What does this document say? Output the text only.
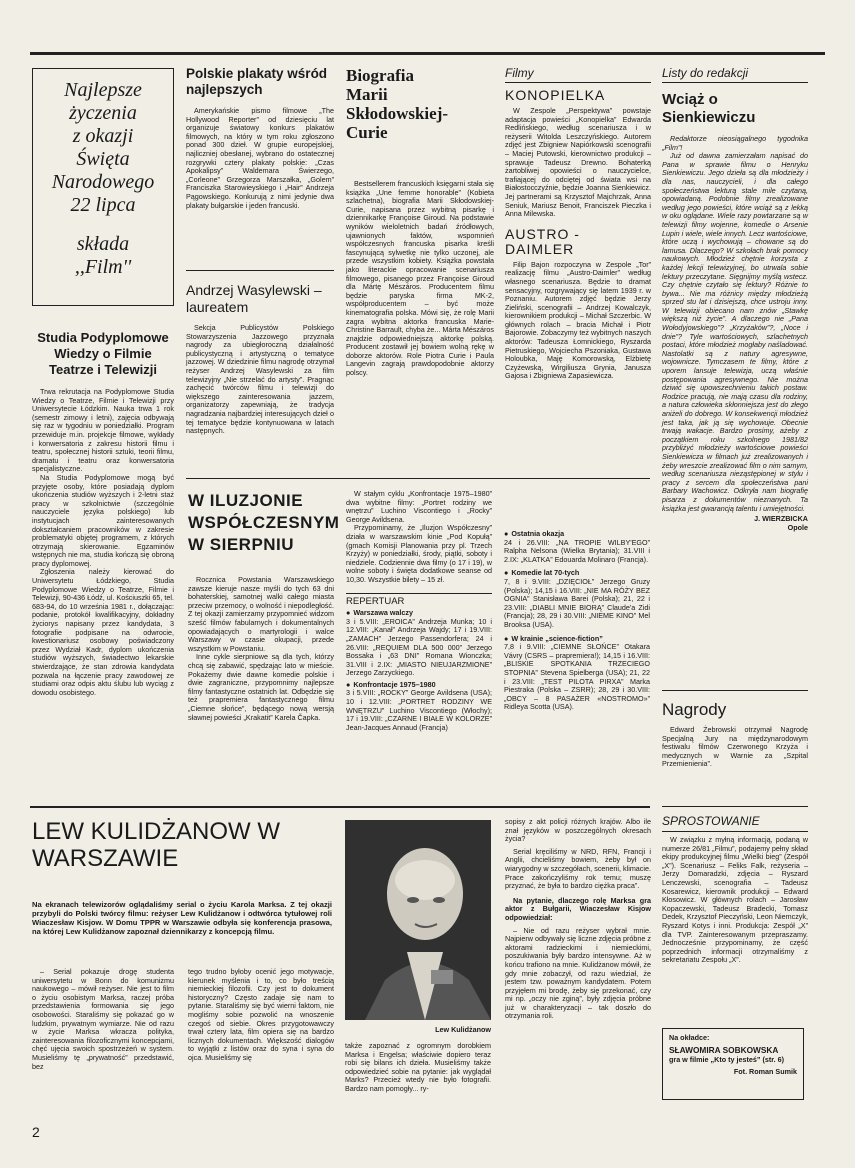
Najlepsze
życzenia
z okazji
Święta
Narodowego
22 lipca
składa
,,Film''
Studia Podyplomowe Wiedzy o Filmie Teatrze i Telewizji

Trwa rekrutacja na Podyplomowe Studia Wiedzy o Teatrze, Filmie i Telewizji przy Uniwersytecie Łódzkim. Nauka trwa 1 rok (semestr zimowy i letni), zajęcia odbywają się raz w tygodniu w poniedziałki. Program przewiduje m.in. projekcje filmowe, wykłady i konwersatoria z zakresu historii filmu i teatru, społecznej historii sztuki, teorii filmu, dramatu i teatru oraz konwersatoria specjalistyczne.

Na Studia Podyplomowe mogą być przyjęte osoby, które posiadają dyplom ukończenia studiów wyższych i 2-letni staż pracy w szkolnictwie (szczególnie nauczyciele języka polskiego) lub instytucjach zainteresowanych dokształcaniem pracowników w zakresie problematyki objętej programem, z których otrzymają skierowanie. Egzaminów wstępnych nie ma, studia kończą się obroną pracy dyplomowej.

Zgłoszenia należy kierować do Uniwersytetu Łódzkiego, Studia Podyplomowe Wiedzy o Teatrze, Filmie i Telewizji, 90-436 Łódź, ul. Kościuszki 65, tel. 683-94, do 10 września 1981 r., dołączając: podanie, protokół kwalifikacyjny, dokładny życiorys napisany przez kandydata, 3 fotografie podpisane na odwrocie, kwestionariusz osobowy poświadczony przez Wydział Kadr, dyplom ukończenia studiów wyższych, świadectwo lekarskie stwierdzające, że stan zdrowia kandydata pozwala na łączenie pracy zawodowej ze studiami oraz odpis aktu ślubu lub wyciąg z dowodu osobistego.

Polskie plakaty wśród najlepszych
Amerykańskie pismo filmowe „The Hollywood Reporter” od dziesięciu lat organizuje światowy konkurs plakatów filmowych, na który w tym roku zgłoszono ponad 300 dzieł. W grupie europejskiej, najliczniej obesłanej, wybrano do ostatecznej rozgrywki cztery plakaty polskie: „Czas Apokalipsy” Waldemara Świerzego, „Corleone” Grzegorza Marszałka, „Golem” Franciszka Starowieyskiego i „Hair” Andrzeja Pągowskiego. Konkurują z nimi jedynie dwa plakaty bułgarskie i jeden francuski.
Andrzej Wasylewski – laureatem
Sekcja Publicystów Polskiego Stowarzyszenia Jazzowego przyznała nagrody za ubiegłoroczną działalność publicystyczną i artystyczną o tematyce jazzowej. W dziedzinie filmu nagrodę otrzymał reżyser Andrzej Wasylewski za film telewizyjny „Nie strzelać do artysty”. Pragnąc zachęcić twórców filmu i telewizji do większego zainteresowania jazzem, organizatorzy zapewniają, że tradycja nagradzania najbardziej interesujących dzieł o tej tematyce będzie kontynuowana w latach następnych.
Biografia Marii Skłodowskiej-Curie
Bestsellerem francuskich księgarni stała się książka „Une femme honorable” (Kobieta szlachetna), biografia Marii Skłodowskiej-Curie, napisana przez wybitną pisarkę i dziennikarkę Françoise Giroud. Na podstawie wyników wieloletnich badań źródłowych, ujawnionych faktów, wspomnień współczesnych francuska pisarka kreśli fascynującą sylwetkę nie tylko uczonej, ale przede wszystkim kobiety. Książka powstała jako literackie opracowanie scenariusza filmowego, pisanego przez Françoise Giroud dla Mártę Mészáros. Producentem filmu będzie paryska firma MK-2, współproducentem – być może kinematografia polska. Mówi się, że rolę Marii zagra wybitna aktorka francuska Marie-Christine Barrault, chyba że... Márta Mészáros znajdzie odpowiedniejszą aktorkę polską. Producent zostawił jej bowiem wolną rękę w doborze aktorów. Role Piotra Curie i Paula Langevin zagrają prawdopodobnie aktorzy polscy.
Filmy
KONOPIELKA
W Zespole „Perspektywa” powstaje adaptacja powieści „Konopielka” Edwarda Redlińskiego, według scenariusza i w reżyserii Witolda Leszczyńskiego. Autorem zdjęć jest Zbigniew Napiórkowski scenografii – Maciej Putowski, kierownictwo produkcji – sprawuje Tadeusz Drewno. Bohaterką żartobliwej opowieści o nauczycielce, trafiającej do odciętej od świata wsi na Białostocczyźnie, będzie Joanna Sienkiewicz. Jej partnerami są Krzysztof Majchrzak, Anna Seniuk, Mariusz Benoit, Franciszek Pieczka i Anna Milewska.
AUSTRO -DAIMLER
Filip Bajon rozpoczyna w Zespole „Tor” realizację filmu „Austro-Daimler” według własnego scenariusza. Będzie to dramat sensacyjny, rozgrywający się latem 1939 r. w Poznaniu. Autorem zdjęć będzie Jerzy Zieliński, scenografii – Andrzej Kowalczyk, kierownikiem produkcji – Michał Szczerbic. W głównych rolach – bracia Michał i Piotr Bajorowie. Zobaczymy też wybitnych naszych aktorów: Tadeusza Łomnickiego, Ryszarda Pietruskiego, Wojciecha Pszoniaka, Gustawa Holoubka, Maję Komorowską, Elżbietę Czyżewską, Wirgiliusza Grynia, Janusza Gajosa i Zbigniewa Zapasiewicza.
Listy do redakcji
Wciąż o Sienkiewiczu
Redaktorze nieosiągalnego tygodnika „Film”!
Już od dawna zamierzałam napisać do Pana w sprawie filmu o Henryku Sienkiewiczu. Jego dzieła są dla młodzieży i dla nas, nauczycieli, i dla całego społeczeństwa lekturą stale mile czytaną, opowiadaną. Podobnie filmy zrealizowane według jego powieści, które wciąż są z lekką w oku oglądane. Wiele razy powtarzane są w telewizji filmy wojenne, komedie o Arsenie Lupin i wiele, wiele innych. Lecz wartościowe, które uczą i wychowują – chowane są do lamusa. Dlaczego? W szkołach brak pomocy naukowych. Młodzież chętnie korzysta z każdej lekcji telewizyjnej, bo utrwala sobie lektury przeczytane. Sięgnijmy myślą wstecz. Czy chętnie czytało się lektury? Różnie to bywa... Nie ma różnicy między młodzieżą sprzed stu lat i dzisiejszą, chce ustroju inny. W telewizji obiecano nam znów „Stawkę większą niż życie”. A dlaczego nie „Pana Wołodyjowskiego”? „Krzyżaków”?, „Noce i dnie”? Tyle wartościowych, szlachetnych postaci, które młodzież mogłaby naśladować. Nastolatki są z natury agresywne, wojownicze. Tymczasem te filmy, które z uporem lansuje telewizja, uczą właśnie postępowania agresywnego. Nie można dziwić się upowszechnieniu takich postaw. Rodzice pracują, nie mają czasu dla rodziny, a natura człowieka skłonniejsza jest do złego aniżeli do dobrego. W konsekwencji młodzież jest taka, jak ją się wychowuje. Obecnie trwają wakacje. Bardzo prosimy, ażeby z początkiem roku szkolnego 1981/82 przybliżyć młodzieży wartościowe powieści Sienkiewicza w filmach już zrealizowanych i żeby wreszcie zrealizować film o nim samym, według scenariusza nieząstępionej w stylu i pracy z sercem dla społeczeństwa pani Barbary Wachowicz. Odkryła nam biografię pisarza z dokumentów nieznanych. Ta książka jest gwarancją talentu i umiejętności.
J. WIERZBICKA
Opole
Nagrody
Edward Żebrowski otrzymał Nagrodę Specjalną Jury na międzynarodowym festiwalu filmów Czerwonego Krzyża i medycznych w Warnie za „Szpital Przemienienia”.
W ILUZJONIE WSPÓŁCZESNYM W SIERPNIU

Rocznica Powstania Warszawskiego zawsze kieruje nasze myśli do tych 63 dni bohaterskiej, samotnej walki całego miasta przeciw przemocy, o wolność i niepodległość. Z tej okazji zamierzamy przypomnieć widzom sześć filmów fabularnych i dokumentalnych opowiadających o martyrologii i walce Warszawy w czasie okupacji, przede wszystkim w Powstaniu.

Inne cykle sierpniowe są dla tych, którzy chcą się zabawić, spędzając lato w mieście. Pokażemy dwie dawne komedie polskie i dwie zagraniczne, przypomnimy najlepsze filmy fantastyczne ostatnich lat. Odbędzie się też prapremiera fantastycznego filmu „Ciemne słońce”, będącego nową wersją sławnej powieści „Krakatit” Karela Čapka.

W stałym cyklu „Konfrontacje 1975–1980” dwa wybitne filmy: „Portret rodziny we wnętrzu” Luchino Viscontiego i „Rocky” George Avildsena.

Przypominamy, że „Iluzjon Współczesny” działa w warszawskim kinie „Pod Kopułą” (gmach Komisji Planowania przy pl. Trzech Krzyży) w poniedziałki, środy, piątki, soboty i niedziele. Codziennie dwa filmy (o 17 i 19), w wolne soboty i święta dodatkowe seanse od 10,30. Wszystkie bilety – 15 zł.

REPERTUAR

● Warszawa walczy

3 i 5.VIII: „EROICA” Andrzeja Munka; 10 i 12.VIII: „Kanał” Andrzeja Wajdy; 17 i 19.VIII: „ZAMACH” Jerzego Passendorfera; 24 i 26.VIII: „REQUIEM DLA 500 000” Jerzego Bossaka i „63 DNI” Romana Wionczka; 31.VIII i 2.IX: „MIASTO NIEUJARZMIONE” Jerzego Zarzyckiego.

● Konfrontacje 1975–1980

3 i 5.VIII: „ROCKY” George Avildsena (USA); 10 i 12.VIII: „PORTRET RODZINY WE WNĘTRZU” Luchino Viscontiego (Włochy); 17 i 19.VIII: „CZARNE I BIAŁE W KOLORZE” Jean-Jacques Annaud (Francja)

● Ostatnia okazja

24 i 26.VIII: „NA TROPIE WILBY'EGO” Ralpha Nelsona (Wielka Brytania); 31.VIII i 2.IX: „KLATKA” Edouarda Molinaro (Francja).

● Komedie lat 70-tych

7, 8 i 9.VIII: „DZIĘCIOŁ” Jerzego Gruzy (Polska); 14,15 i 16.VIII: „NIE MA RÓŻY BEZ OGNIA” Stanisława Barei (Polska); 21, 22 i 23.VIII: „DIABLI MNIE BIORĄ” Claude'a Zidi (Francja); 28, 29 i 30.VIII: „NIEME KINO” Mel Brooksa (USA).

● W krainie „science-fiction”

7,8 i 9.VIII: „CIEMNE SŁOŃCE” Otakara Vávry (CSRS – prapremiera!); 14,15 i 16.VIII: „BLISKIE SPOTKANIA TRZECIEGO STOPNIA” Stevena Spielberga (USA); 21, 22 i 23.VIII: „TEST PILOTA PIRXA” Marka Piestraka (Polska – ZSRR); 28, 29 i 30.VIII: „OBCY – 8 PASAŻER «NOSTROMO»” Ridleya Scotta (USA).

LEW KULIDŻANOW W WARSZAWIE
Na ekranach telewizorów oglądaliśmy serial o życiu Karola Marksa. Z tej okazji przybyli do Polski twórcy filmu: reżyser Lew Kulidżanow i odtwórca tytułowej roli Wiaczesław Kisjow. W Domu TPPR w Warszawie odbyła się konferencja prasowa, na której Lew Kulidżanow zapoznał dziennikarzy z koncepcją filmu.
Lew Kulidżanow

– Serial pokazuje drogę studenta uniwersytetu w Bonn do komunizmu naukowego – mówił reżyser. Nie jest to film o życiu osobistym Marksa, raczej próba przedstawienia formowania się jego osobowości. Staraliśmy się pokazać go w ludzkim, prywatnym wymiarze. Nie od razu w życie Marksa wkracza polityka, zainteresowania filozoficznymi koncepcjami, chęć ujęcia swoich spostrzeżeń w system. Musieliśmy tę „prywatność” przedstawić, bez

tego trudno byłoby ocenić jego motywacje, kierunek myślenia i to, co było treścią niemieckiej filozofii. Czy jest to dokument historyczny? Często zadaje się nam to pytanie. Staraliśmy się być wierni faktom, nie mogliśmy sobie pozwolić na wnoszenie czegoś od siebie. Okres przygotowawczy trwał cztery lata, film opiera się na bardzo licznych dokumentach. Większość dialogów to wyjątki z listów oraz do syna i syna do ojca. Musieliśmy się

także zapoznać z ogromnym dorobkiem Marksa i Engelsa; właściwie dopiero teraz robi się bilans ich dzieła. Musieliśmy także odpowiedzieć sobie na pytanie: jak wyglądał Marks? Przecież wtedy nie było fotografii. Bardzo nam pomogły... ry-

sopisy z akt policji różnych krajów. Albo ile znał języków w poszczególnych okresach życia?

Serial kręciliśmy w NRD, RFN, Francji i Anglii, chcieliśmy bowiem, żeby był on wiarygodny w szczegółach, scenerii, klimacie. Prace zakończyliśmy rok temu; muszę przyznać, że była to bardzo ciężka praca”.

Na pytanie, dlaczego rolę Marksa gra aktor z Bułgarii, Wiaczesław Kisjow odpowiedział:

– Nie od razu reżyser wybrał mnie. Najpierw odbywały się liczne zdjęcia próbne z aktorami radzieckimi i niemieckimi, poszukiwania były bardzo intensywne. Aż w końcu trafiono na mnie. Kulidżanow mówił, że gdy mnie zobaczył, od razu wiedział, że jestem tzw. poważnym kandydatem. Potem przyjęłem mi brodę, żeby się przekonać, czy mi np. „oczy nie zginą”, były zdjęcia próbne już w charakteryzacji – tak doszło do otrzymania roli.

SPROSTOWANIE
W związku z myłną informacją, podaną w numerze 26/81 „Filmu”, podajemy pełny skład ekipy produkcyjnej filmu „Wielki bieg” (Zespół „X”). Scenariusz – Feliks Falk, reżyseria – Jerzy Domaradzki, zdjęcia – Ryszard Lenczewski, scenografia – Tadeusz Kosarewicz, kierownik produkcji – Edward Kłosowicz. W głównych rolach – Jarosław Kopaczewski, Tadeusz Bradecki, Tomasz Dedek, Krzysztof Pieczyński, Leon Niemczyk, Ryszard Kotys i inni. Produkcja: Zespół „X” dla TVP. Zainteresowanym przepraszamy. Jednocześnie przypominamy, że część poprzednich informacji otrzymaliśmy z sekretariatu Zespołu „X”.
Na okładce:
SŁAWOMIRA SOBKOWSKA
gra w filmie „Kto ty jesteś” (str. 6)
Fot. Roman Sumik
2
